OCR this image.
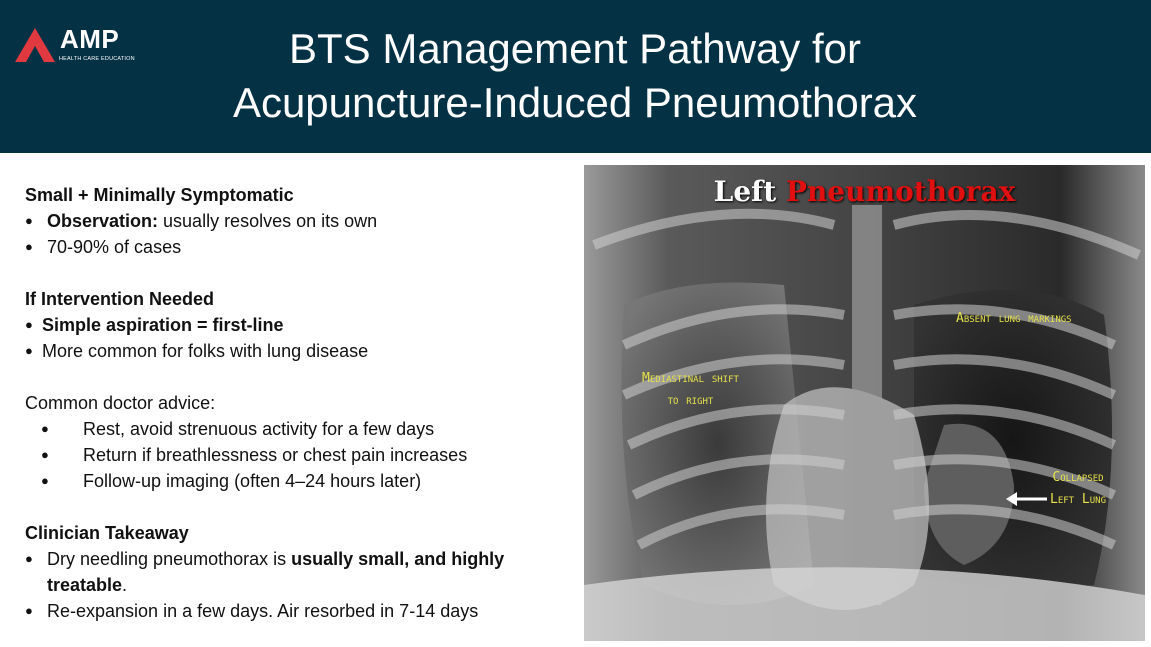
AMP
HEALTH CARE EDUCATION	BTS Management Pathway for
Acupuncture-Induced Pneumothorax
Small + Minimally Symptomatic
● Observation: usually resolves on its own
● 70-90% of cases
If Intervention Needed
● Simple aspiration = first-line
● More common for folks with lung disease
Common doctor advice:
● Rest, avoid strenuous activity for a few days
● Return if breathlessness or chest pain increases
● Follow-up imaging (often 4–24 hours later)
Clinician Takeaway
● Dry needling pneumothorax is usually small, and highly treatable.
● Re-expansion in a few days. Air resorbed in 7-14 days
Left Pneumothorax
Absent lung markings
Mediastinal shift
to right
Collapsed
Left Lung
